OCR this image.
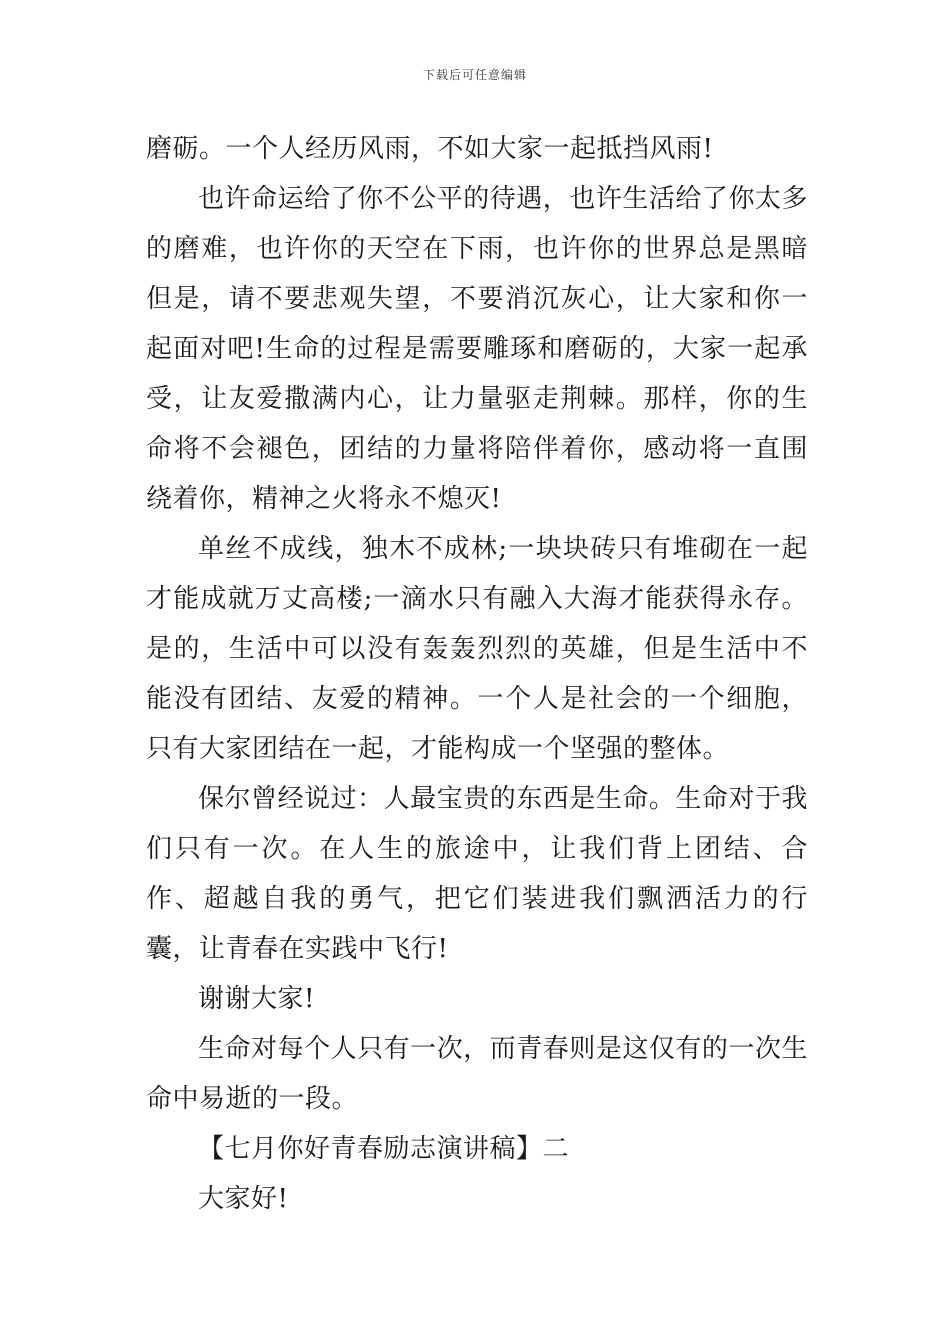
下载后可任意编辑

磨砺。一个人经历风雨，不如大家一起抵挡风雨!

也许命运给了你不公平的待遇，也许生活给了你太多的磨难，也许你的天空在下雨，也许你的世界总是黑暗但是，请不要悲观失望，不要消沉灰心，让大家和你一起面对吧!生命的过程是需要雕琢和磨砺的，大家一起承受，让友爱撒满内心，让力量驱走荆棘。那样，你的生命将不会褪色，团结的力量将陪伴着你，感动将一直围绕着你，精神之火将永不熄灭!

单丝不成线，独木不成林;一块块砖只有堆砌在一起才能成就万丈高楼;一滴水只有融入大海才能获得永存。是的，生活中可以没有轰轰烈烈的英雄，但是生活中不能没有团结、友爱的精神。一个人是社会的一个细胞，只有大家团结在一起，才能构成一个坚强的整体。

保尔曾经说过：人最宝贵的东西是生命。生命对于我们只有一次。在人生的旅途中，让我们背上团结、合作、超越自我的勇气，把它们装进我们飘洒活力的行囊，让青春在实践中飞行!

谢谢大家!

生命对每个人只有一次，而青春则是这仅有的一次生命中易逝的一段。

【七月你好青春励志演讲稿】二

大家好!
